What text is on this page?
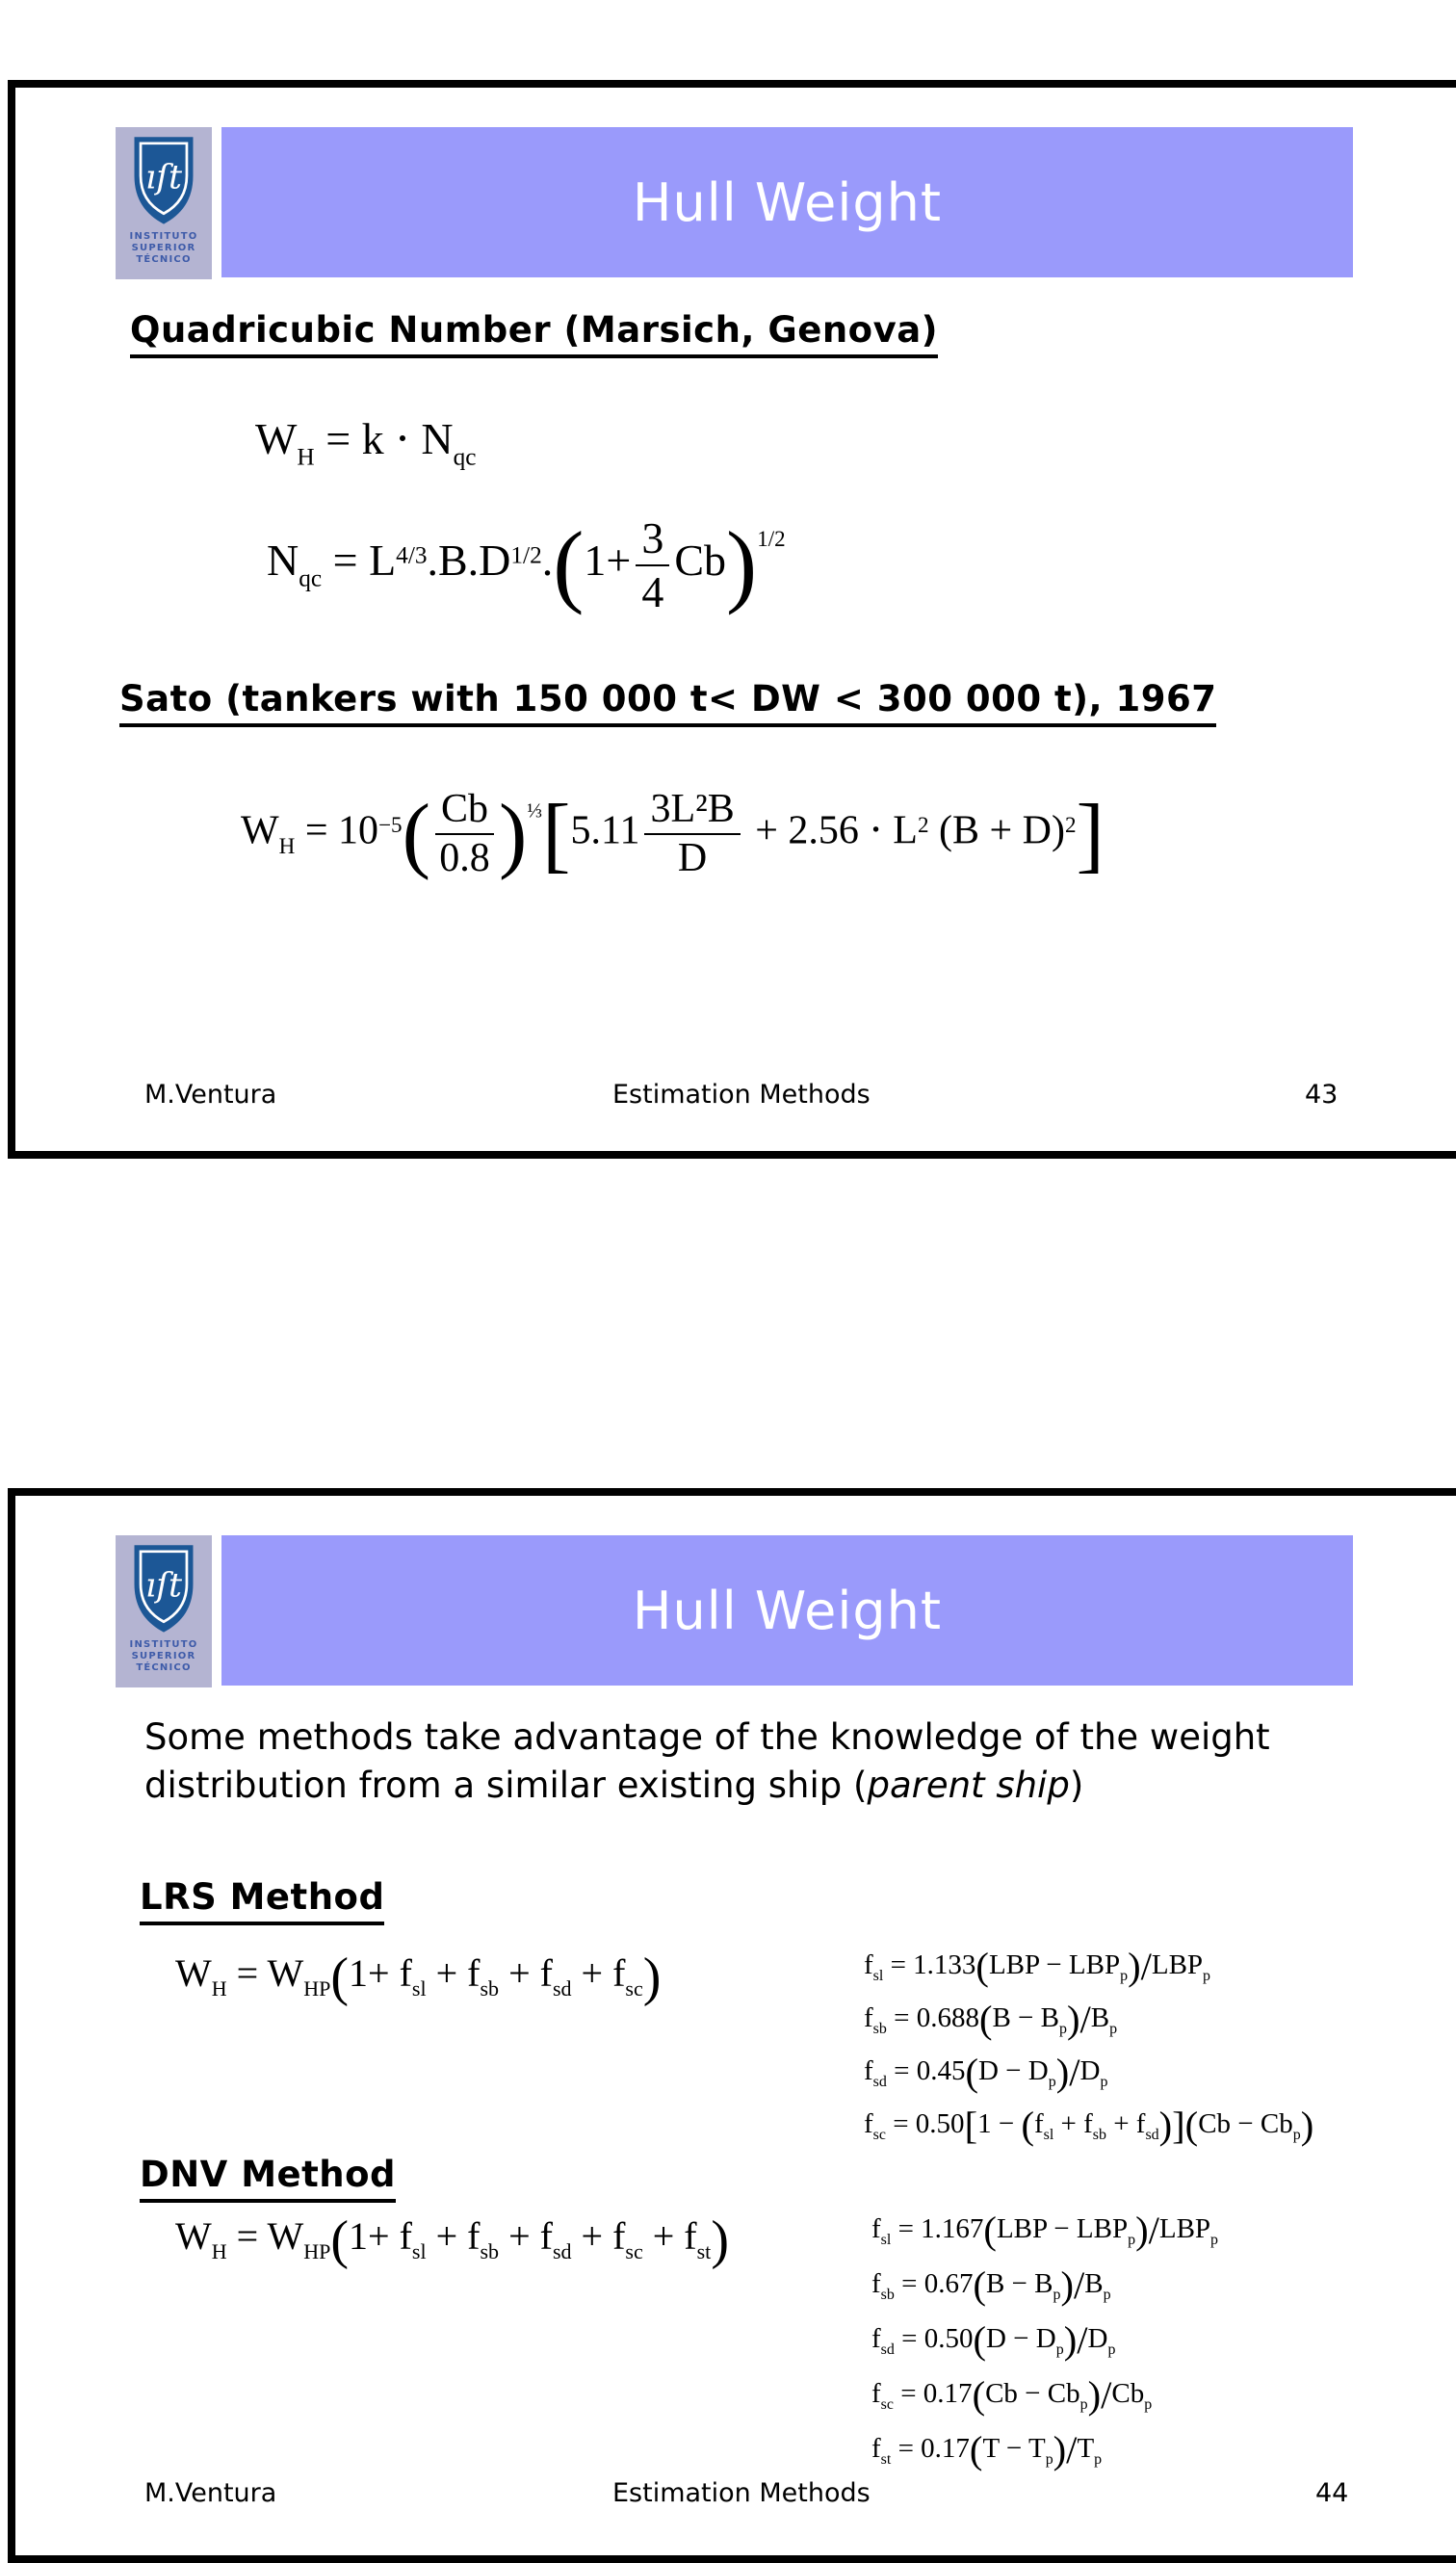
ıſt
INSTITUTO
SUPERIOR
TÉCNICO
Hull Weight
Quadricubic Number (Marsich, Genova)
$W_H = k \cdot N_{qc}$
$N_{qc} = L^{4/3}.B.D^{1/2}.(1+ \frac{3}{4} Cb)^{1/2}$
Sato (tankers with 150 000 t< DW < 300 000 t), 1967
$W_H = 10^{-5}( \frac{Cb}{0.8} )^{\frac{1}{3}}[5.11 \frac{\text{3L²B}}{D} + 2.56 \cdot L^2$ $(B + D)^2$]
M.Ventura	Estimation Methods	43
ıſt
INSTITUTO
SUPERIOR
TÉCNICO
Hull Weight
Some methods take advantage of the knowledge of the weight
distribution from a similar existing ship (parent ship)
LRS Method
$W_H = W_{HP}(1+ f_{sl} + f_{sb} + f_{sd} + f_{sc})$	$f_{sl} = 1.133(LBP - LBP_p)/LBP_p$
$f_{sb} = 0.688(B - B_p)/B_p$
$f_{sd} = 0.45(D - D_p)/D_p$
$f_{sc} = 0.50[1 - (f_{sl} + f_{sb} + f_{sd})](Cb - Cb_p)$
DNV Method
$W_H = W_{HP}(1+ f_{sl} + f_{sb} + f_{sd} + f_{sc} + f_{st})$	$f_{sl} = 1.167(LBP - LBP_p)/LBP_p$
$f_{sb} = 0.67(B - B_p)/B_p$
$f_{sd} = 0.50(D - D_p)/D_p$
$f_{sc} = 0.17(Cb - Cb_p)/Cb_p$
$f_{st} = 0.17(T - T_p)/T_p$
M.Ventura	Estimation Methods	44
